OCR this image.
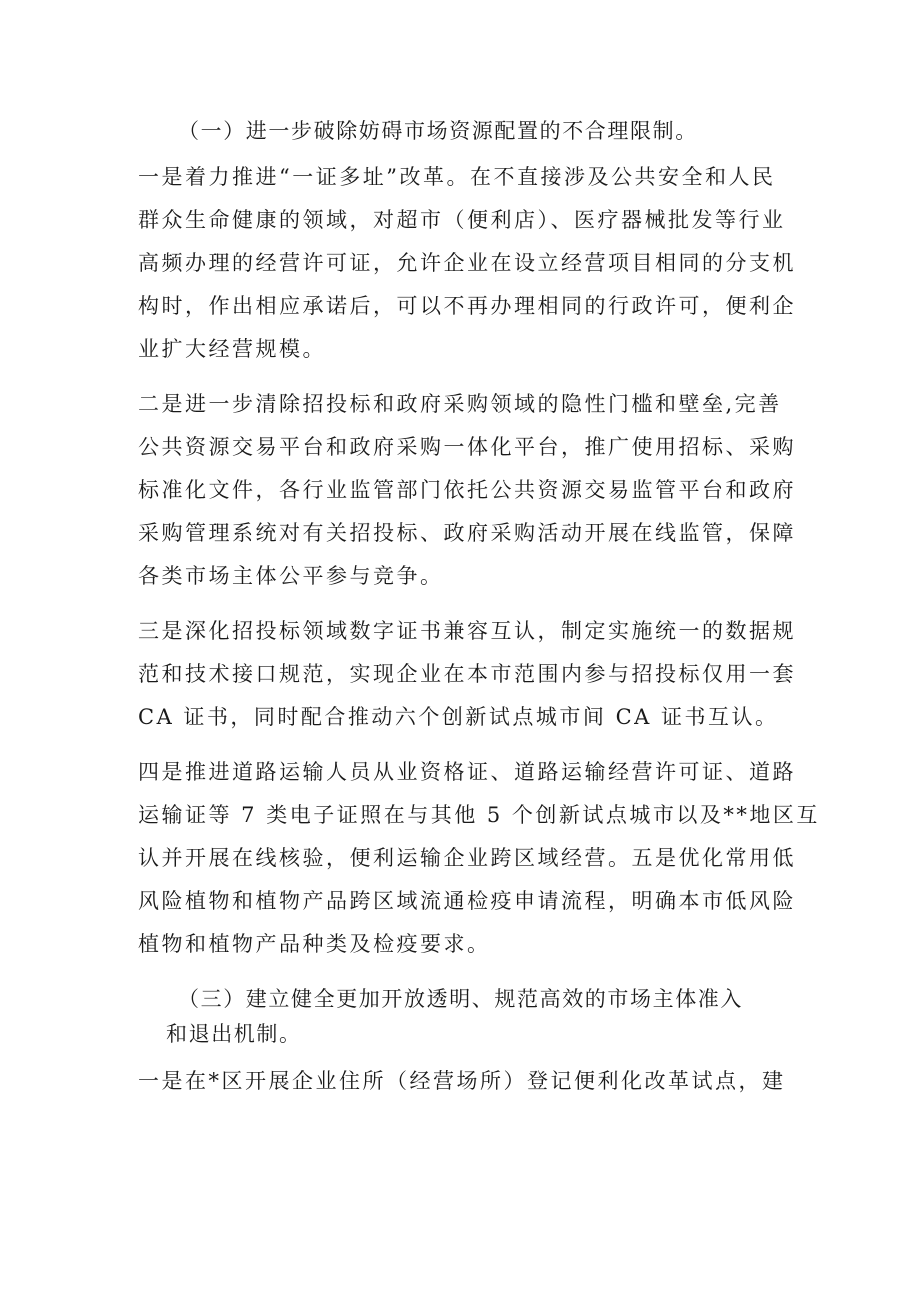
（一）进一步破除妨碍市场资源配置的不合理限制。
一是着力推进“一证多址”改革。在不直接涉及公共安全和人民
群众生命健康的领域，对超市（便利店）、医疗器械批发等行业
高频办理的经营许可证，允许企业在设立经营项目相同的分支机
构时，作出相应承诺后，可以不再办理相同的行政许可，便利企
业扩大经营规模。
二是进一步清除招投标和政府采购领域的隐性门槛和壁垒,完善
公共资源交易平台和政府采购一体化平台，推广使用招标、采购
标准化文件，各行业监管部门依托公共资源交易监管平台和政府
采购管理系统对有关招投标、政府采购活动开展在线监管，保障
各类市场主体公平参与竞争。
三是深化招投标领域数字证书兼容互认，制定实施统一的数据规
范和技术接口规范，实现企业在本市范围内参与招投标仅用一套
CA 证书，同时配合推动六个创新试点城市间 CA 证书互认。
四是推进道路运输人员从业资格证、道路运输经营许可证、道路
运输证等 7 类电子证照在与其他 5 个创新试点城市以及**地区互
认并开展在线核验，便利运输企业跨区域经营。五是优化常用低
风险植物和植物产品跨区域流通检疫申请流程，明确本市低风险
植物和植物产品种类及检疫要求。
（三）建立健全更加开放透明、规范高效的市场主体准入
和退出机制。
一是在*区开展企业住所（经营场所）登记便利化改革试点，建
